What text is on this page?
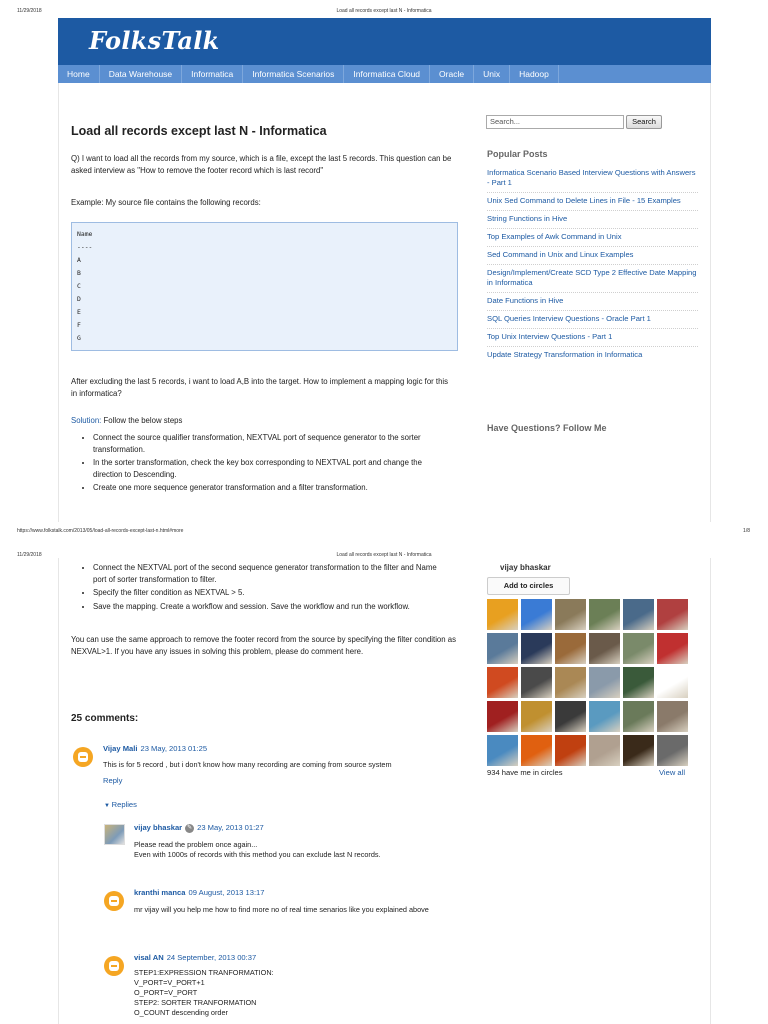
11/29/2018	Load all records except last N - Informatica
FolksTalk
Home	Data Warehouse	Informatica	Informatica Scenarios	Informatica Cloud	Oracle	Unix	Hadoop
Load all records except last N - Informatica
Q) I want to load all the records from my source, which is a file, except the last 5 records. This question can be asked interview as "How to remove the footer record which is last record"
Example: My source file contains the following records:
Name
----
A
B
C
D
E
F
G
After excluding the last 5 records, i want to load A,B into the target. How to implement a mapping logic for this in informatica?
Solution: Follow the below steps
• Connect the source qualifier transformation, NEXTVAL port of sequence generator to the sorter transformation.
• In the sorter transformation, check the key box corresponding to NEXTVAL port and change the direction to Descending.
• Create one more sequence generator transformation and a filter transformation.
Search...	Search
Popular Posts
Informatica Scenario Based Interview Questions with Answers - Part 1
Unix Sed Command to Delete Lines in File - 15 Examples
String Functions in Hive
Top Examples of Awk Command in Unix
Sed Command in Unix and Linux Examples
Design/Implement/Create SCD Type 2 Effective Date Mapping in Informatica
Date Functions in Hive
SQL Queries Interview Questions - Oracle Part 1
Top Unix Interview Questions - Part 1
Update Strategy Transformation in Informatica
Have Questions? Follow Me
https://www.folkstalk.com/2013/05/load-all-records-except-last-n.html#more	1/8
11/29/2018	Load all records except last N - Informatica
• Connect the NEXTVAL port of the second sequence generator transformation to the filter and Name port of sorter transformation to filter.
• Specify the filter condition as NEXTVAL > 5.
• Save the mapping. Create a workflow and session. Save the workflow and run the workflow.
You can use the same approach to remove the footer record from the source by specifying the filter condition as NEXVAL>1. If you have any issues in solving this problem, please do comment here.
25 comments:
Vijay Mali 23 May, 2013 01:25
This is for 5 record , but i don't know how many recording are coming from source system
Reply
▼ Replies
vijay bhaskar ✎ 23 May, 2013 01:27
Please read the problem once again...
Even with 1000s of records with this method you can exclude last N records.
kranthi manca 09 August, 2013 13:17
mr vijay will you help me how to find more no of real time senarios like you explained above
visal AN 24 September, 2013 00:37
STEP1:EXPRESSION TRANFORMATION:
V_PORT=V_PORT+1
O_PORT=V_PORT
STEP2: SORTER TRANFORMATION
O_COUNT descending order
vijay bhaskar
Add to circles
934 have me in circles	View all
